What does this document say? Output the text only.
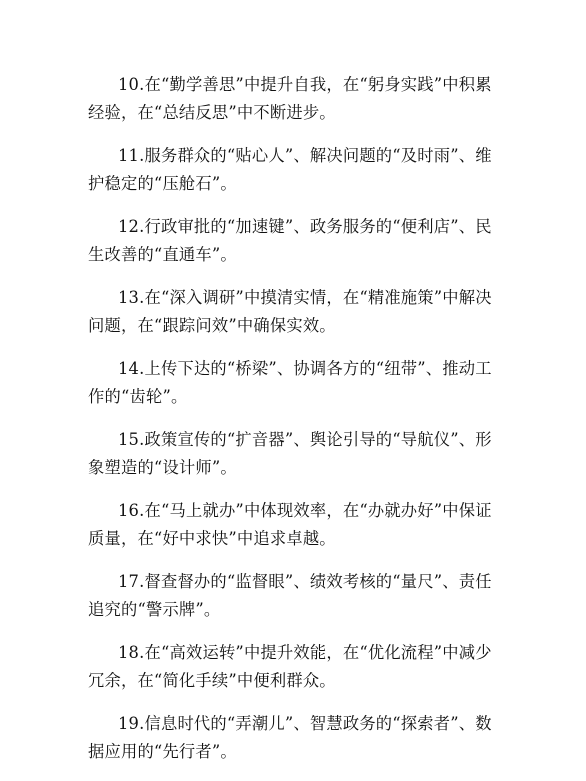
10.在“勤学善思”中提升自我，在“躬身实践”中积累经验，在“总结反思”中不断进步。

11.服务群众的“贴心人”、解决问题的“及时雨”、维护稳定的“压舱石”。

12.行政审批的“加速键”、政务服务的“便利店”、民生改善的“直通车”。

13.在“深入调研”中摸清实情，在“精准施策”中解决问题，在“跟踪问效”中确保实效。

14.上传下达的“桥梁”、协调各方的“纽带”、推动工作的“齿轮”。

15.政策宣传的“扩音器”、舆论引导的“导航仪”、形象塑造的“设计师”。

16.在“马上就办”中体现效率，在“办就办好”中保证质量，在“好中求快”中追求卓越。

17.督查督办的“监督眼”、绩效考核的“量尺”、责任追究的“警示牌”。

18.在“高效运转”中提升效能，在“优化流程”中减少冗余，在“简化手续”中便利群众。

19.信息时代的“弄潮儿”、智慧政务的“探索者”、数据应用的“先行者”。
